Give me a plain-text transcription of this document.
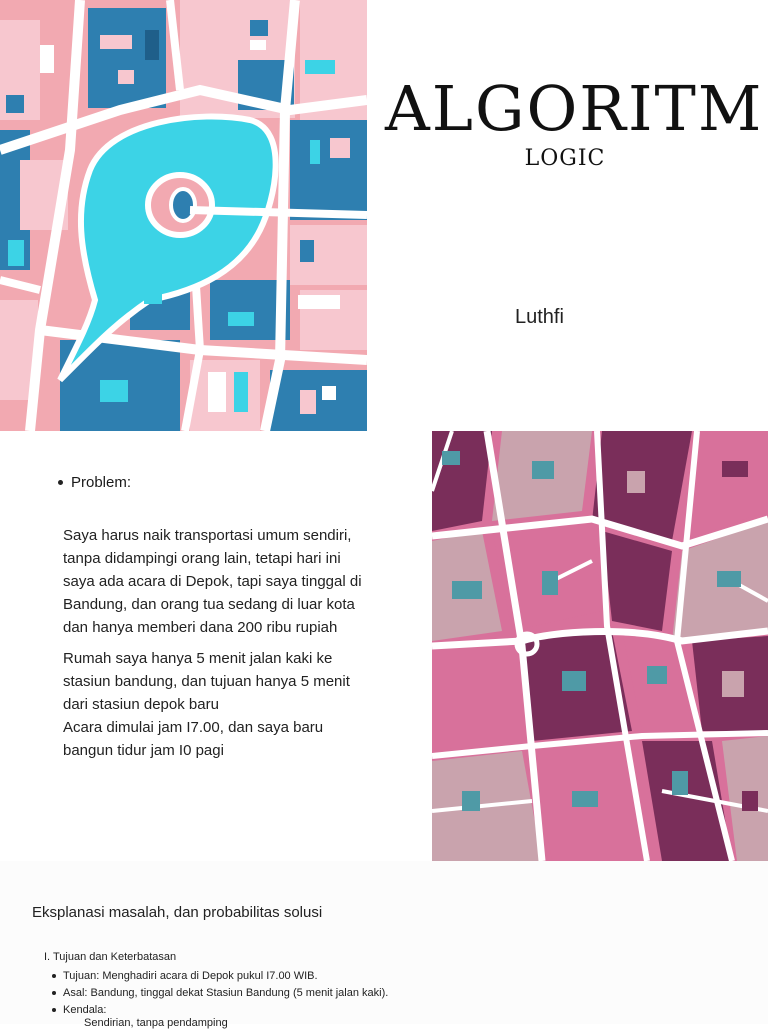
ALGORITM
LOGIC
Luthfi
Problem:

Saya harus naik transportasi umum sendiri,

tanpa didampingi orang lain, tetapi hari ini

saya ada acara di Depok, tapi saya tinggal di

Bandung, dan orang tua sedang di luar kota

dan hanya memberi dana 200 ribu rupiah

Rumah saya hanya 5 menit jalan kaki ke

stasiun bandung, dan tujuan hanya 5 menit

dari stasiun depok baru

Acara dimulai jam I7.00, dan saya baru

bangun tidur jam I0 pagi

Eksplanasi masalah, dan probabilitas solusi
I. Tujuan dan Keterbatasan
Tujuan: Menghadiri acara di Depok pukul I7.00 WIB.
Asal: Bandung, tinggal dekat Stasiun Bandung (5 menit jalan kaki).
Kendala:
Sendirian, tanpa pendamping
